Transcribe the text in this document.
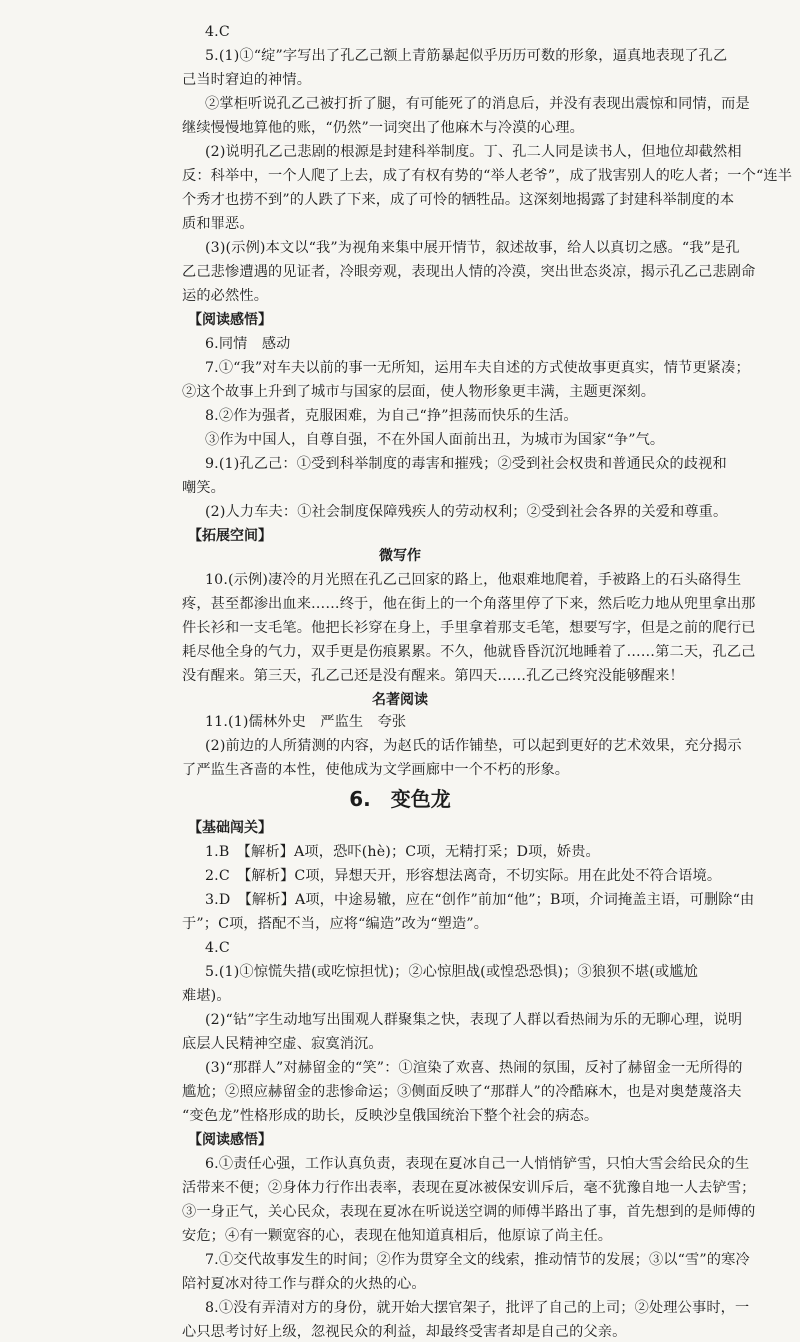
4.C
5.(1)①“绽”字写出了孔乙己额上青筋暴起似乎历历可数的形象，逼真地表现了孔乙
己当时窘迫的神情。
②掌柜听说孔乙己被打折了腿，有可能死了的消息后，并没有表现出震惊和同情，而是
继续慢慢地算他的账，“仍然”一词突出了他麻木与冷漠的心理。
(2)说明孔乙己悲剧的根源是封建科举制度。丁、孔二人同是读书人，但地位却截然相
反：科举中，一个人爬了上去，成了有权有势的“举人老爷”，成了戕害别人的吃人者；一个“连半
个秀才也捞不到”的人跌了下来，成了可怜的牺牲品。这深刻地揭露了封建科举制度的本
质和罪恶。
(3)(示例)本文以“我”为视角来集中展开情节，叙述故事，给人以真切之感。“我”是孔
乙己悲惨遭遇的见证者，冷眼旁观，表现出人情的冷漠，突出世态炎凉，揭示孔乙己悲剧命
运的必然性。
【阅读感悟】
6.同情　感动
7.①“我”对车夫以前的事一无所知，运用车夫自述的方式使故事更真实，情节更紧凑；
②这个故事上升到了城市与国家的层面，使人物形象更丰满，主题更深刻。
8.②作为强者，克服困难，为自己“挣”担荡而快乐的生活。
③作为中国人，自尊自强，不在外国人面前出丑，为城市为国家“争”气。
9.(1)孔乙己：①受到科举制度的毒害和摧残；②受到社会权贵和普通民众的歧视和
嘲笑。
(2)人力车夫：①社会制度保障残疾人的劳动权利；②受到社会各界的关爱和尊重。
【拓展空间】
微写作
10.(示例)凄冷的月光照在孔乙己回家的路上，他艰难地爬着，手被路上的石头硌得生
疼，甚至都渗出血来……终于，他在街上的一个角落里停了下来，然后吃力地从兜里拿出那
件长衫和一支毛笔。他把长衫穿在身上，手里拿着那支毛笔，想要写字，但是之前的爬行已
耗尽他全身的气力，双手更是伤痕累累。不久，他就昏昏沉沉地睡着了……第二天，孔乙己
没有醒来。第三天，孔乙己还是没有醒来。第四天……孔乙己终究没能够醒来！
名著阅读
11.(1)儒林外史　严监生　夸张
(2)前边的人所猜测的内容，为赵氏的话作铺垫，可以起到更好的艺术效果，充分揭示
了严监生吝啬的本性，使他成为文学画廊中一个不朽的形象。
6.　变色龙
【基础闯关】
1.B　【解析】A项，恐吓(hè)；C项，无精打采；D项，娇贵。
2.C　【解析】C项，异想天开，形容想法离奇，不切实际。用在此处不符合语境。
3.D　【解析】A项，中途易辙，应在“创作”前加“他”；B项，介词掩盖主语，可删除“由
于”；C项，搭配不当，应将“编造”改为“塑造”。
4.C
5.(1)①惊慌失措(或吃惊担忧)；②心惊胆战(或惶恐恐惧)；③狼狈不堪(或尴尬
难堪)。
(2)“钻”字生动地写出围观人群聚集之快，表现了人群以看热闹为乐的无聊心理，说明
底层人民精神空虚、寂寞消沉。
(3)“那群人”对赫留金的“笑”：①渲染了欢喜、热闹的氛围，反衬了赫留金一无所得的
尴尬；②照应赫留金的悲惨命运；③侧面反映了“那群人”的冷酷麻木，也是对奥楚蔑洛夫
“变色龙”性格形成的助长，反映沙皇俄国统治下整个社会的病态。
【阅读感悟】
6.①责任心强，工作认真负责，表现在夏冰自己一人悄悄铲雪，只怕大雪会给民众的生
活带来不便；②身体力行作出表率，表现在夏冰被保安训斥后，毫不犹豫自地一人去铲雪；
③一身正气，关心民众，表现在夏冰在听说送空调的师傅半路出了事，首先想到的是师傅的
安危；④有一颗宽容的心，表现在他知道真相后，他原谅了尚主任。
7.①交代故事发生的时间；②作为贯穿全文的线索，推动情节的发展；③以“雪”的寒冷
陪衬夏冰对待工作与群众的火热的心。
8.①没有弄清对方的身份，就开始大摆官架子，批评了自己的上司；②处理公事时，一
心只思考讨好上级，忽视民众的利益，却最终受害者却是自己的父亲。
